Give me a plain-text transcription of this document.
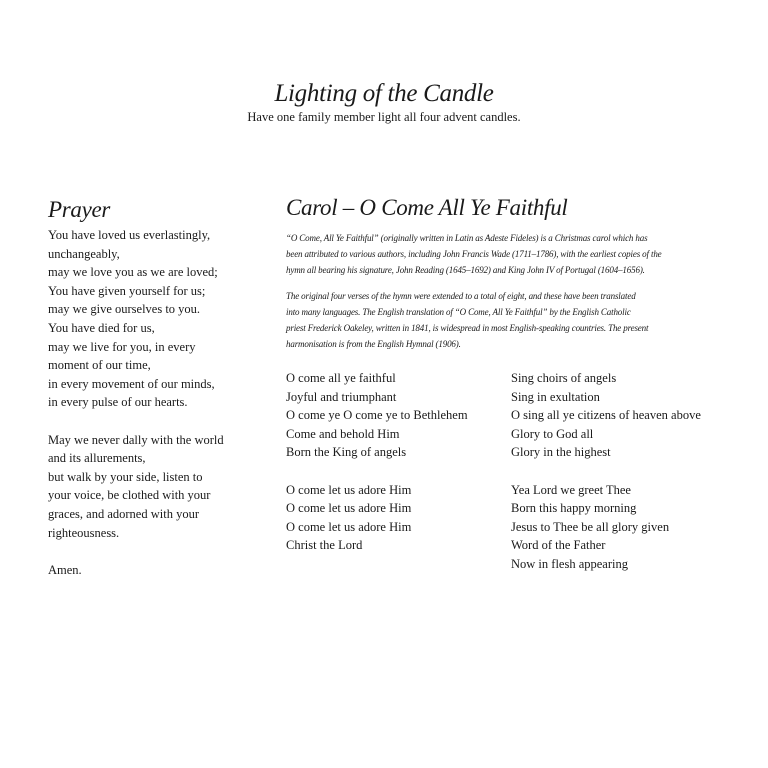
Lighting of the Candle

Have one family member light all four advent candles.

Prayer
You have loved us everlastingly,
unchangeably,
may we love you as we are loved;
You have given yourself for us;
may we give ourselves to you.
You have died for us,
may we live for you, in every
moment of our time,
in every movement of our minds,
in every pulse of our hearts.
May we never dally with the world
and its allurements,
but walk by your side, listen to
your voice, be clothed with your
graces, and adorned with your
righteousness.
Amen.
Carol – O Come All Ye Faithful

“O Come, All Ye Faithful” (originally written in Latin as Adeste Fideles) is a Christmas carol which has
been attributed to various authors, including John Francis Wade (1711–1786), with the earliest copies of the
hymn all bearing his signature, John Reading (1645–1692) and King John IV of Portugal (1604–1656).

The original four verses of the hymn were extended to a total of eight, and these have been translated
into many languages. The English translation of “O Come, All Ye Faithful” by the English Catholic
priest Frederick Oakeley, written in 1841, is widespread in most English-speaking countries. The present
harmonisation is from the English Hymnal (1906).

O come all ye faithful
Joyful and triumphant
O come ye O come ye to Bethlehem
Come and behold Him
Born the King of angels
O come let us adore Him
O come let us adore Him
O come let us adore Him
Christ the Lord
Sing choirs of angels
Sing in exultation
O sing all ye citizens of heaven above
Glory to God all
Glory in the highest
Yea Lord we greet Thee
Born this happy morning
Jesus to Thee be all glory given
Word of the Father
Now in flesh appearing
